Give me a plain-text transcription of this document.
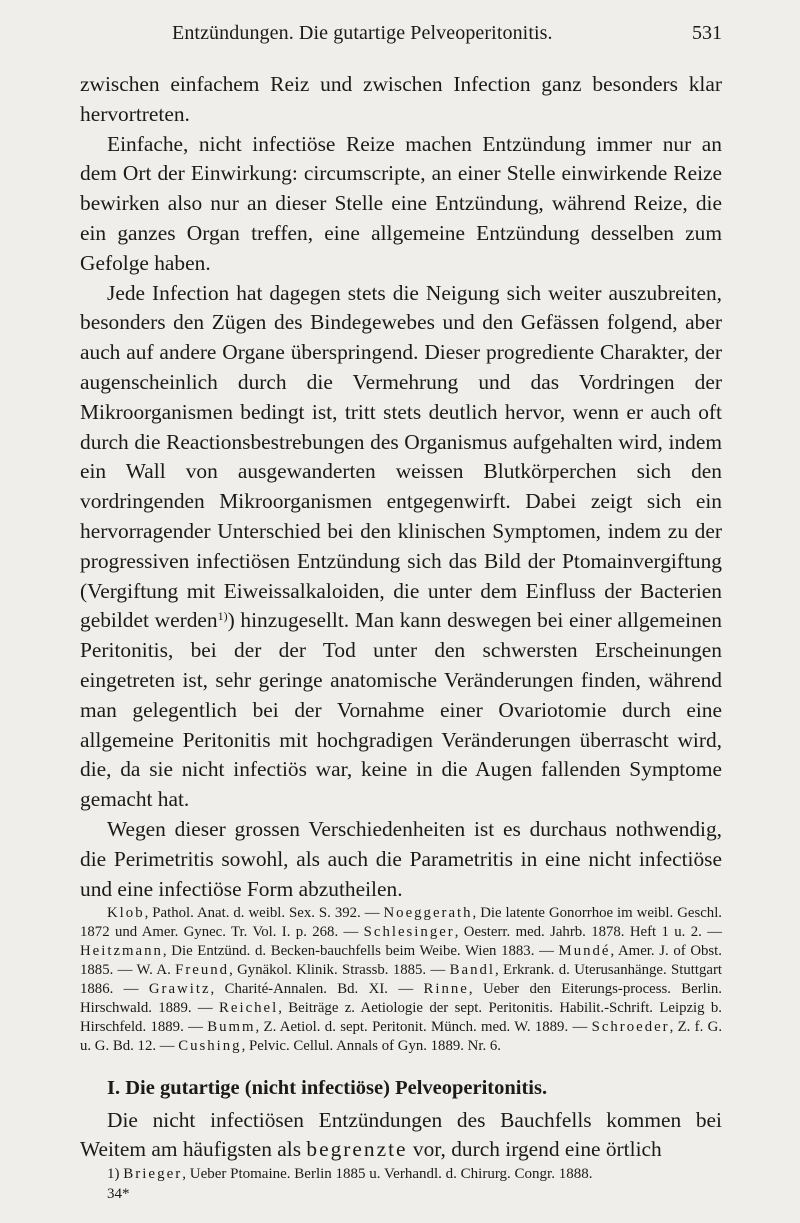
Entzündungen. Die gutartige Pelveoperitonitis.	531

zwischen einfachem Reiz und zwischen Infection ganz besonders klar hervortreten.

Einfache, nicht infectiöse Reize machen Entzündung immer nur an dem Ort der Einwirkung: circumscripte, an einer Stelle einwirkende Reize bewirken also nur an dieser Stelle eine Entzündung, während Reize, die ein ganzes Organ treffen, eine allgemeine Entzündung desselben zum Gefolge haben.

Jede Infection hat dagegen stets die Neigung sich weiter auszubreiten, besonders den Zügen des Bindegewebes und den Gefässen folgend, aber auch auf andere Organe überspringend. Dieser progrediente Charakter, der augenscheinlich durch die Vermehrung und das Vordringen der Mikroorganismen bedingt ist, tritt stets deutlich hervor, wenn er auch oft durch die Reactionsbestrebungen des Organismus aufgehalten wird, indem ein Wall von ausgewanderten weissen Blutkörperchen sich den vordringenden Mikroorganismen entgegenwirft. Dabei zeigt sich ein hervorragender Unterschied bei den klinischen Symptomen, indem zu der progressiven infectiösen Entzündung sich das Bild der Ptomainvergiftung (Vergiftung mit Eiweissalkaloiden, die unter dem Einfluss der Bacterien gebildet werden$^{1)}$) hinzugesellt. Man kann deswegen bei einer allgemeinen Peritonitis, bei der der Tod unter den schwersten Erscheinungen eingetreten ist, sehr geringe anatomische Veränderungen finden, während man gelegentlich bei der Vornahme einer Ovariotomie durch eine allgemeine Peritonitis mit hochgradigen Veränderungen überrascht wird, die, da sie nicht infectiös war, keine in die Augen fallenden Symptome gemacht hat.

Wegen dieser grossen Verschiedenheiten ist es durchaus nothwendig, die Perimetritis sowohl, als auch die Parametritis in eine nicht infectiöse und eine infectiöse Form abzutheilen.

Klob, Pathol. Anat. d. weibl. Sex. S. 392. — Noeggerath, Die latente Gonorrhoe im weibl. Geschl. 1872 und Amer. Gynec. Tr. Vol. I. p. 268. — Schlesinger, Oesterr. med. Jahrb. 1878. Heft 1 u. 2. — Heitzmann, Die Entzünd. d. Becken-bauchfells beim Weibe. Wien 1883. — Mundé, Amer. J. of Obst. 1885. — W. A. Freund, Gynäkol. Klinik. Strassb. 1885. — Bandl, Erkrank. d. Uterusanhänge. Stuttgart 1886. — Grawitz, Charité-Annalen. Bd. XI. — Rinne, Ueber den Eiterungs-process. Berlin. Hirschwald. 1889. — Reichel, Beiträge z. Aetiologie der sept. Peritonitis. Habilit.-Schrift. Leipzig b. Hirschfeld. 1889. — Bumm, Z. Aetiol. d. sept. Peritonit. Münch. med. W. 1889. — Schroeder, Z. f. G. u. G. Bd. 12. — Cushing, Pelvic. Cellul. Annals of Gyn. 1889. Nr. 6.

I. Die gutartige (nicht infectiöse) Pelveoperitonitis.

Die nicht infectiösen Entzündungen des Bauchfells kommen bei Weitem am häufigsten als begrenzte vor, durch irgend eine örtlich

1) Brieger, Ueber Ptomaine. Berlin 1885 u. Verhandl. d. Chirurg. Congr. 1888.

34*
